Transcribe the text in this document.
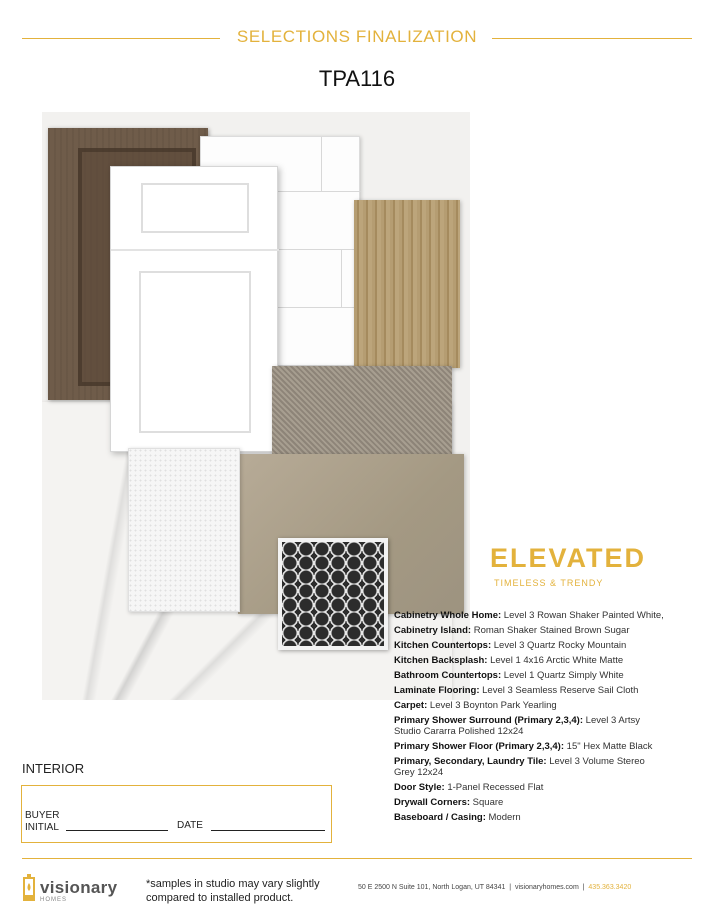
SELECTIONS FINALIZATION
TPA116
ELEVATED
TIMELESS & TRENDY
Cabinetry Whole Home: Level 3 Rowan Shaker Painted White,
Cabinetry Island: Roman Shaker Stained Brown Sugar
Kitchen Countertops: Level 3 Quartz Rocky Mountain
Kitchen Backsplash: Level 1 4x16 Arctic White Matte
Bathroom Countertops: Level 1 Quartz Simply White
Laminate Flooring: Level 3 Seamless Reserve Sail Cloth
Carpet: Level 3 Boynton Park Yearling
Primary Shower Surround (Primary 2,3,4): Level 3 Artsy Studio Cararra Polished 12x24
Primary Shower Floor (Primary 2,3,4): 15" Hex Matte Black
Primary, Secondary, Laundry Tile: Level 3 Volume Stereo Grey 12x24
Door Style: 1-Panel Recessed Flat
Drywall Corners: Square
Baseboard / Casing: Modern
INTERIOR
BUYER
INITIAL	DATE
visionary
HOMES
*samples in studio may vary slightly
compared to installed product.
50 E 2500 N Suite 101, North Logan, UT 84341 | visionaryhomes.com | 435.363.3420
